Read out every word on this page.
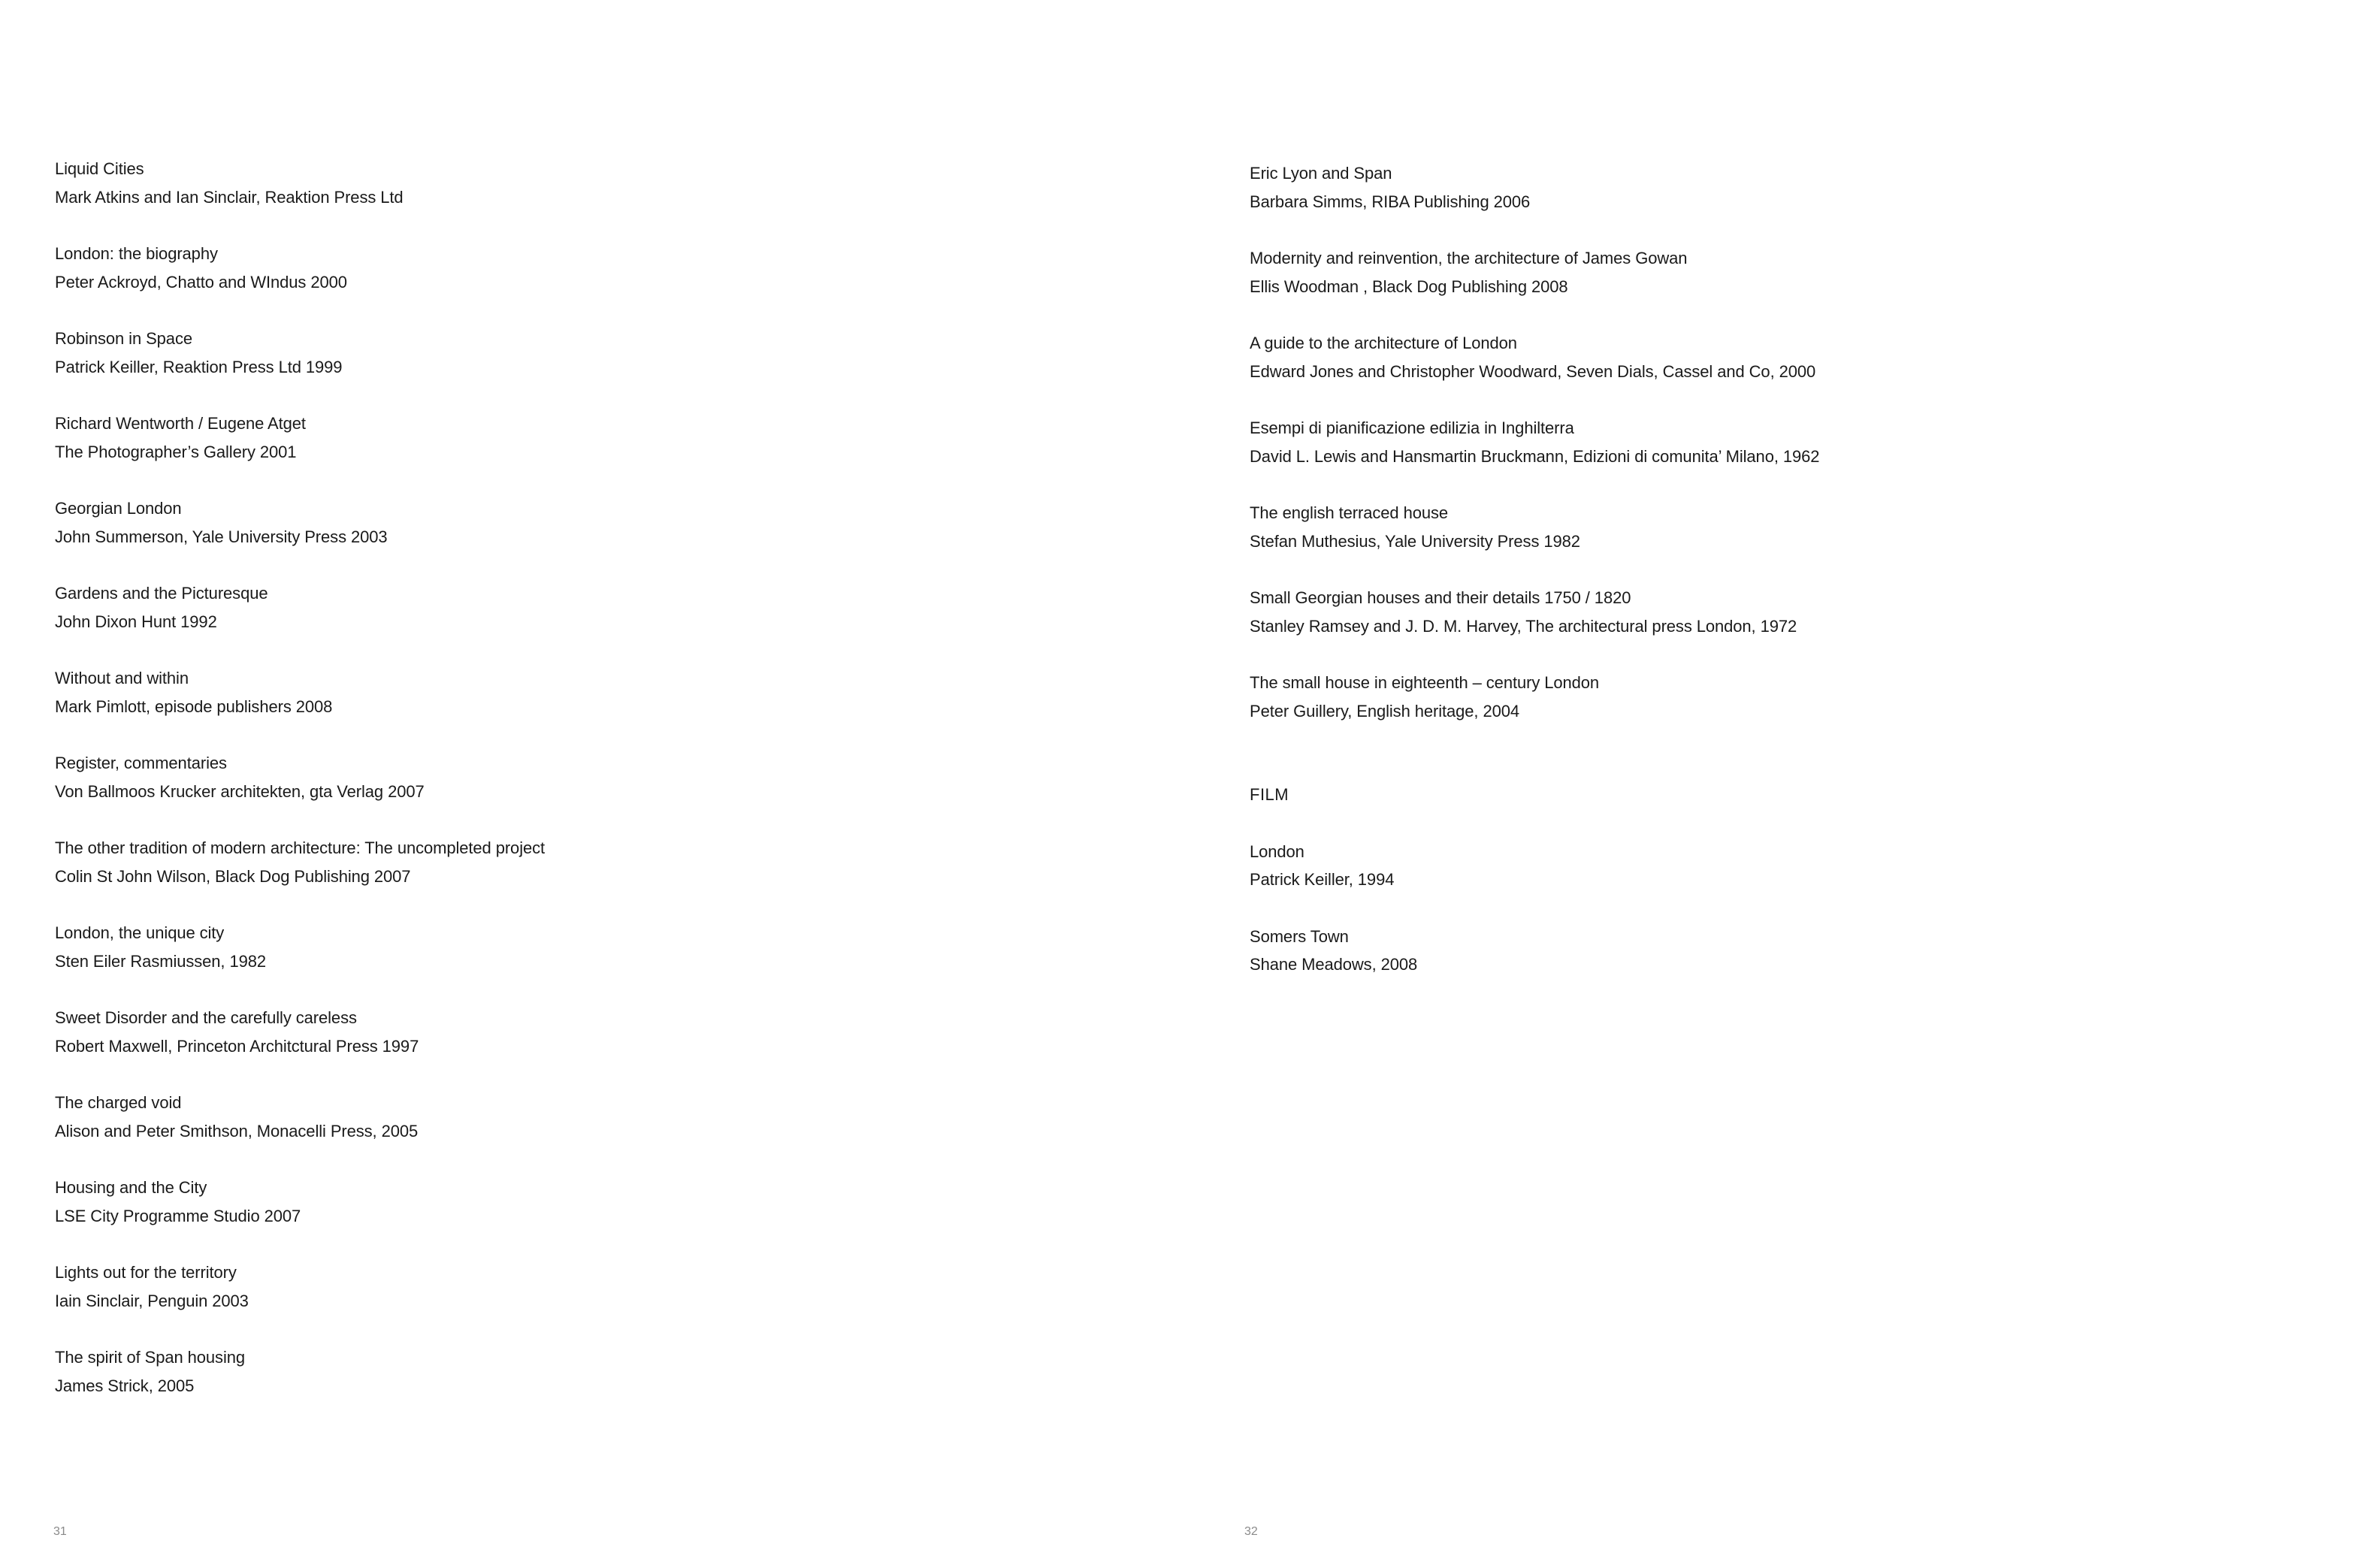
Liquid Cities
Mark Atkins and Ian Sinclair, Reaktion Press Ltd
London: the biography
Peter Ackroyd, Chatto and WIndus 2000
Robinson in Space
Patrick Keiller, Reaktion Press Ltd 1999
Richard Wentworth / Eugene Atget
The Photographer’s Gallery 2001
Georgian London
John Summerson, Yale University Press 2003
Gardens and the Picturesque
John Dixon Hunt 1992
Without and within
Mark Pimlott, episode publishers 2008
Register, commentaries
Von Ballmoos Krucker architekten, gta Verlag 2007
The other tradition of modern architecture: The uncompleted project
Colin St John Wilson, Black Dog Publishing 2007
London, the unique city
Sten Eiler Rasmiussen, 1982
Sweet Disorder and the carefully careless
Robert Maxwell, Princeton Architctural Press 1997
The charged void
Alison and Peter Smithson, Monacelli Press, 2005
Housing and the City
LSE City Programme Studio 2007
Lights out for the territory
Iain Sinclair, Penguin 2003
The spirit of Span housing
James Strick, 2005
31
Eric Lyon and Span
Barbara Simms, RIBA Publishing 2006
Modernity and reinvention, the architecture of James Gowan
Ellis Woodman , Black Dog Publishing 2008
A guide to the architecture of London
Edward Jones and Christopher Woodward, Seven Dials, Cassel and Co, 2000
Esempi di pianificazione edilizia in Inghilterra
David L. Lewis and Hansmartin Bruckmann, Edizioni di comunita’ Milano, 1962
The english terraced house
Stefan Muthesius, Yale University Press 1982
Small Georgian houses and their details 1750 / 1820
Stanley Ramsey and J. D. M. Harvey, The architectural press London, 1972
The small house in eighteenth – century London
Peter Guillery, English heritage, 2004
FILM
London
Patrick Keiller, 1994
Somers Town
Shane Meadows, 2008
32
